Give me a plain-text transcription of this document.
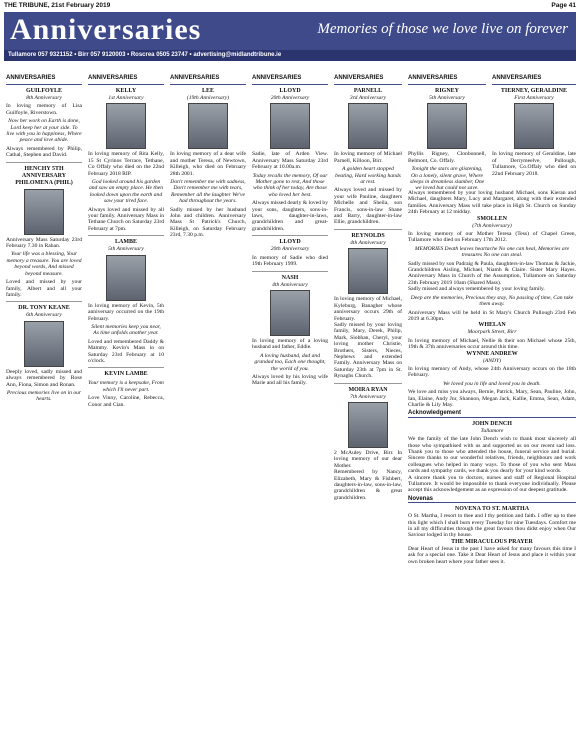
THE TRIBUNE, 21st February 2019	Page 41
Anniversaries	Memories of those we love live on forever
Tullamore 057 9321152 • Birr 057 9120003 • Roscrea 0505 23747 • advertising@midlandtribune.ie
ANNIVERSARIES	ANNIVERSARIES	ANNIVERSARIES	ANNIVERSARIES	ANNIVERSARIES	ANNIVERSARIES	ANNIVERSARIES
GUILFOYLE
8th Anniversary
In loving memory of Lisa Guilfoyle, Riverstown.
Now her work on Earth is done, Lord keep her at your side. To live with you in happiness, Where peace and love abide.
Always remembered by Philip, Cathal, Stephen and David.
HENCHY 5TH ANNIVERSARY PHILOMENA (PHIL)
Anniversary Mass Saturday 23rd February 7.30 in Rahan.
Your life was a blessing, Your memory a treasure. You are loved beyond words, And missed beyond measure.
Loved and missed by your family, Albert and all your family.
DR. TONY KEANE
6th Anniversary
Deeply loved, sadly missed and always remembered by Rose Ann, Fiona, Simon and Ronan.
Precious memories live on in our hearts.
KELLY
1st Anniversary
In loving memory of Rita Kelly, 15 St Cyrinos Terrace, Tethane, Co Offaly who died on the 22nd February 2018 RIP.
God looked around his garden and saw an empty place. He then looked down upon the earth and saw your tired face.
Always loved and missed by all your family. Anniversary Mass in Tethane Church on Saturday 23rd February at 7pm.
LAMBE
5th Anniversary
In loving memory of Kevin, 5th anniversary occurred on the 19th February.
Silent memories keep you near, As time unfolds another year.
Loved and remembered Daddy & Mammy. Kevin's Mass in on Saturday 23rd February at 10 o'clock.
KEVIN LAMBE
Your memory is a keepsake, From which I'll never part.
Love Vinny, Caroline, Rebecca, Conor and Cian.
LEE
(19th Anniversary)
In loving memory of a dear wife and mother Teresa, of Newtown, Killeigh, who died on February 28th 2001.
Don't remember me with sadness, Don't remember me with tears, Remember all the laughter We've had throughout the years.
Sadly missed by her husband John and children. Anniversary Mass St Patrick's Church, Killeigh, on Saturday February 23rd, 7.30 p.m.
LLOYD
20th Anniversary
Sadie, late of Arden View. Anniversary Mass Saturday 23rd February at 10.00a.m.
Today recalls the memory, Of our Mother gone to rest, And those who think of her today, Are those who loved her best.
Always missed dearly & loved by your sons, daughters, sons-in-laws, daughter-in-laws, grandchildren and great-grandchildren.
LLOYD
20th Anniversary
In memory of Sadie who died 19th February 1999.
NASH
4th Anniversary
In loving memory of a loving husband and father, Eddie.
A loving husband, dad and grandad too, Each one thought, the world of you.
Always loved by his loving wife Marie and all his family.
PARNELL
3rd Anniversary
In loving memory of Michael Parnell, Killoon, Birr.
A golden heart stopped beating, Hard working hands at rest.
Always loved and missed by your wife Pauline, daughters Michelle and Sheila, son Francis, sons-in-law Shane and Barry, daughter-in-law Ellie, grandchildren.
REYNOLDS
4th Anniversary
In loving memory of Michael, Kyleburg, Banagher whose anniversary occurs 29th of February.
Sadly missed by your loving family, Mary, Derek, Philip, Mark, Siobhan, Cheryl, your loving mother Christie, Brothers, Sisters, Nieces, Nephews and extended Family. Anniversary Mass on Saturday 23th at 7pm in St. Rynaghs Church.
MOIRA RYAN
7th Anniversary
2 McAuley Drive, Birr. In loving memory of our dear Mother.
Remembered by Nancy, Elizabeth, Mary & Fishbert, daughters-in-law, sons-in-law, grandchildren & great grandchildren.
RIGNEY
5th Anniversary
Phyllis Rigney, Clonbonnell, Belmont, Co. Offaly.
Tonight the stars are glistening, On a lonely, silent grave, Where sleeps in dreamless slumber, One we loved but could not save.
TIERNEY, GERALDINE
First Anniversary
In loving memory of Geraldine, late of Derrymeelve, Pullough, Tullamore, Co.Offaly who died on 22nd February 2018.
Always remembered by your loving husband Michael, sons Kieran and Michael, daughters Mary, Lucy and Margaret, along with their extended families. Anniversary Mass will take place in High St. Church on Sunday 24th February at 12 midday.
SMOLLEN
(7th Anniversary)
In loving memory of our Mother Teresa (Tess) of Chapel Green, Tullamore who died on February 17th 2012.
MEMORIES Death leaves heartache No one can heal, Memories are treasures No one can steal.
Sadly missed by son Padraig & Paula, daughters-in-law Thomas & Jackie, Grandchildren Aisling, Michael, Niamh & Claire. Sister Mary Hayes. Anniversary Mass in Church of the Assumption, Tullamore on Saturday 23th February 2019 10am (Shared Mass).
Sadly missed and always remembered by your loving family.
Deep are the memories, Precious they stay, No passing of time, Can take them away.
Anniversary Mass will be held in St Mary's Church Pullough 23rd Feb 2019 at 6.30pm.
WHELAN
Moorpark Street, Birr
In loving memory of Michael, Nellie & their son Michael whose 25th, 19th & 37th anniversaries occur around this time.
WYNNE ANDREW
(ANDY)
In loving memory of Andy, whose 24th Anniversary occurs on the 18th February.
We loved you in life and loved you in death.
We love and miss you always, Bernie, Patrick, Mary, Sean, Pauline, John, Ian, Elaine, Andy Jnr, Shannon, Megan Jack, Kallie, Emma, Sean, Adam, Charlie & Lily May.
Acknowledgement
JOHN DENCH
Tullamore
We the family of the late John Dench wish to thank most sincerely all those who sympathised with us and supported us on our recent sad loss. Thank you to those who attended the house, funeral service and burial. Sincere thanks to our wonderful relatives, friends, neighbours and work colleagues who helped in many ways. To those of you who sent Mass cards and sympathy cards, we thank you dearly for your kind words.
A sincere thank you to doctors, nurses and staff of Regional Hospital Tullamore. It would be impossible to thank everyone individually. Please accept this acknowledgement as an expression of our deepest gratitude.
Novenas
NOVENA TO ST. MARTHA
O St. Martha, I resort to thee and I thy petition and faith. I offer up to thee this light which I shall burn every Tuesday for nine Tuesdays. Comfort me in all my difficulties through the great favours thou didst enjoy when Our Saviour lodged in thy house.
THE MIRACULOUS PRAYER
Dear Heart of Jesus in the past I have asked for many favours this time I ask for a special one. Take it Dear Heart of Jesus and place it within your own broken heart where your father sees it.
